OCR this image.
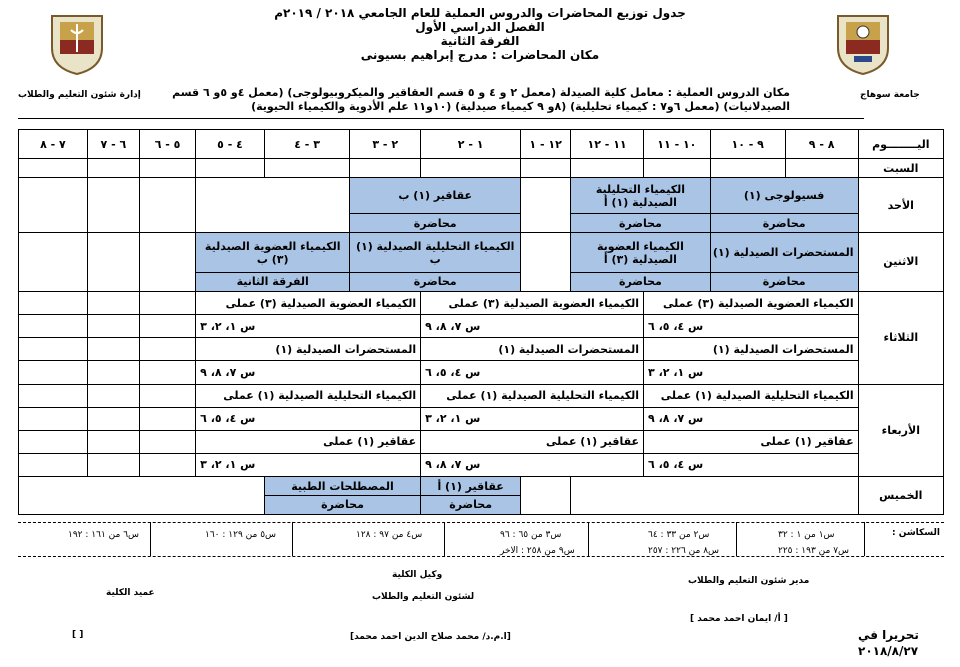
جدول توزيع المحاضرات والدروس العملية للعام الجامعي ٢٠١٨ / ٢٠١٩م
الفصل الدراسي الأول
الفرقة الثانية
مكان المحاضرات : مدرج إبراهيم بسيونى
مكان الدروس العملية : معامل كلية الصيدلة (معمل ٢ و ٤ و ٥ قسم العقاقير والميكروبيولوجى) (معمل ٤و ٥و ٦ قسم
الصيدلانيات) (معمل ٦و٧ : كيمياء تحليلية) (٨و ٩ كيمياء صيدلية) (١٠و١١ علم الأدوية والكيمياء الحيوية)
جامعة سوهاج
إدارة شئون التعليم والطلاب
اليــــــــوم	٨ - ٩	٩ - ١٠	١٠ - ١١	١١ - ١٢	١٢ - ١	١ - ٢	٢ - ٣	٣ - ٤	٤ - ٥	٥ - ٦	٦ - ٧	٧ - ٨
السبت												
الأحد	فسيولوجى (١)		الكيمياء التحليلية الصيدلية (١) أ			عقاقير (١) ب						
	محاضرة		محاضرة			محاضرة						
الاثنين	المستحضرات الصيدلية (١)		الكيمياء العضوية الصيدلية (٣) أ			الكيمياء التحليلية الصيدلية (١) ب		الكيمياء العضوية الصيدلية (٣) ب				
	محاضرة		محاضرة			محاضرة		الفرقة الثانية				
الثلاثاء	الكيمياء العضوية الصيدلية (٣) عملى			الكيمياء العضوية الصيدلية (٣) عملى			الكيمياء العضوية الصيدلية (٣) عملى					
	س ٤، ٥، ٦			س ٧، ٨، ٩			س ١، ٢، ٣					
	المستحضرات الصيدلية (١)			المستحضرات الصيدلية (١)			المستحضرات الصيدلية (١)					
	س ١، ٢، ٣			س ٤، ٥، ٦			س ٧، ٨، ٩					
الأربعاء	الكيمياء التحليلية الصيدلية (١) عملى			الكيمياء التحليلية الصيدلية (١) عملى			الكيمياء التحليلية الصيدلية (١) عملى					
	س ٧، ٨، ٩			س ١، ٢، ٣			س ٤، ٥، ٦					
	عقاقير (١) عملى			عقاقير (١) عملى			عقاقير (١) عملى					
	س ٤، ٥، ٦			س ٧، ٨، ٩			س ١، ٢، ٣					
الخميس						عقاقير (١) أ	المصطلحات الطبية					
						محاضرة	محاضرة					
السكاشن :
س١ من ١ : ٣٢
س٢ من ٣٣ : ٦٤
س٣ من ٦٥ : ٩٦
س٤ من ٩٧ : ١٢٨
س٥ من ١٢٩ : ١٦٠
س٦ من ١٦١ : ١٩٢
س٧ من ١٩٣ : ٢٢٥
س٨ من ٢٢٦ : ٢٥٧
س٩ من ٢٥٨ : الاخر
مدير شئون التعليم والطلاب
وكيل الكلية
لشئون التعليم والطلاب
عميد الكلية
[ أ/ ايمان احمد محمد ]
[ا.م.د/ محمد صلاح الدين احمد محمد]
[ ]	تحريرا في
٢٠١٨/٨/٢٧
